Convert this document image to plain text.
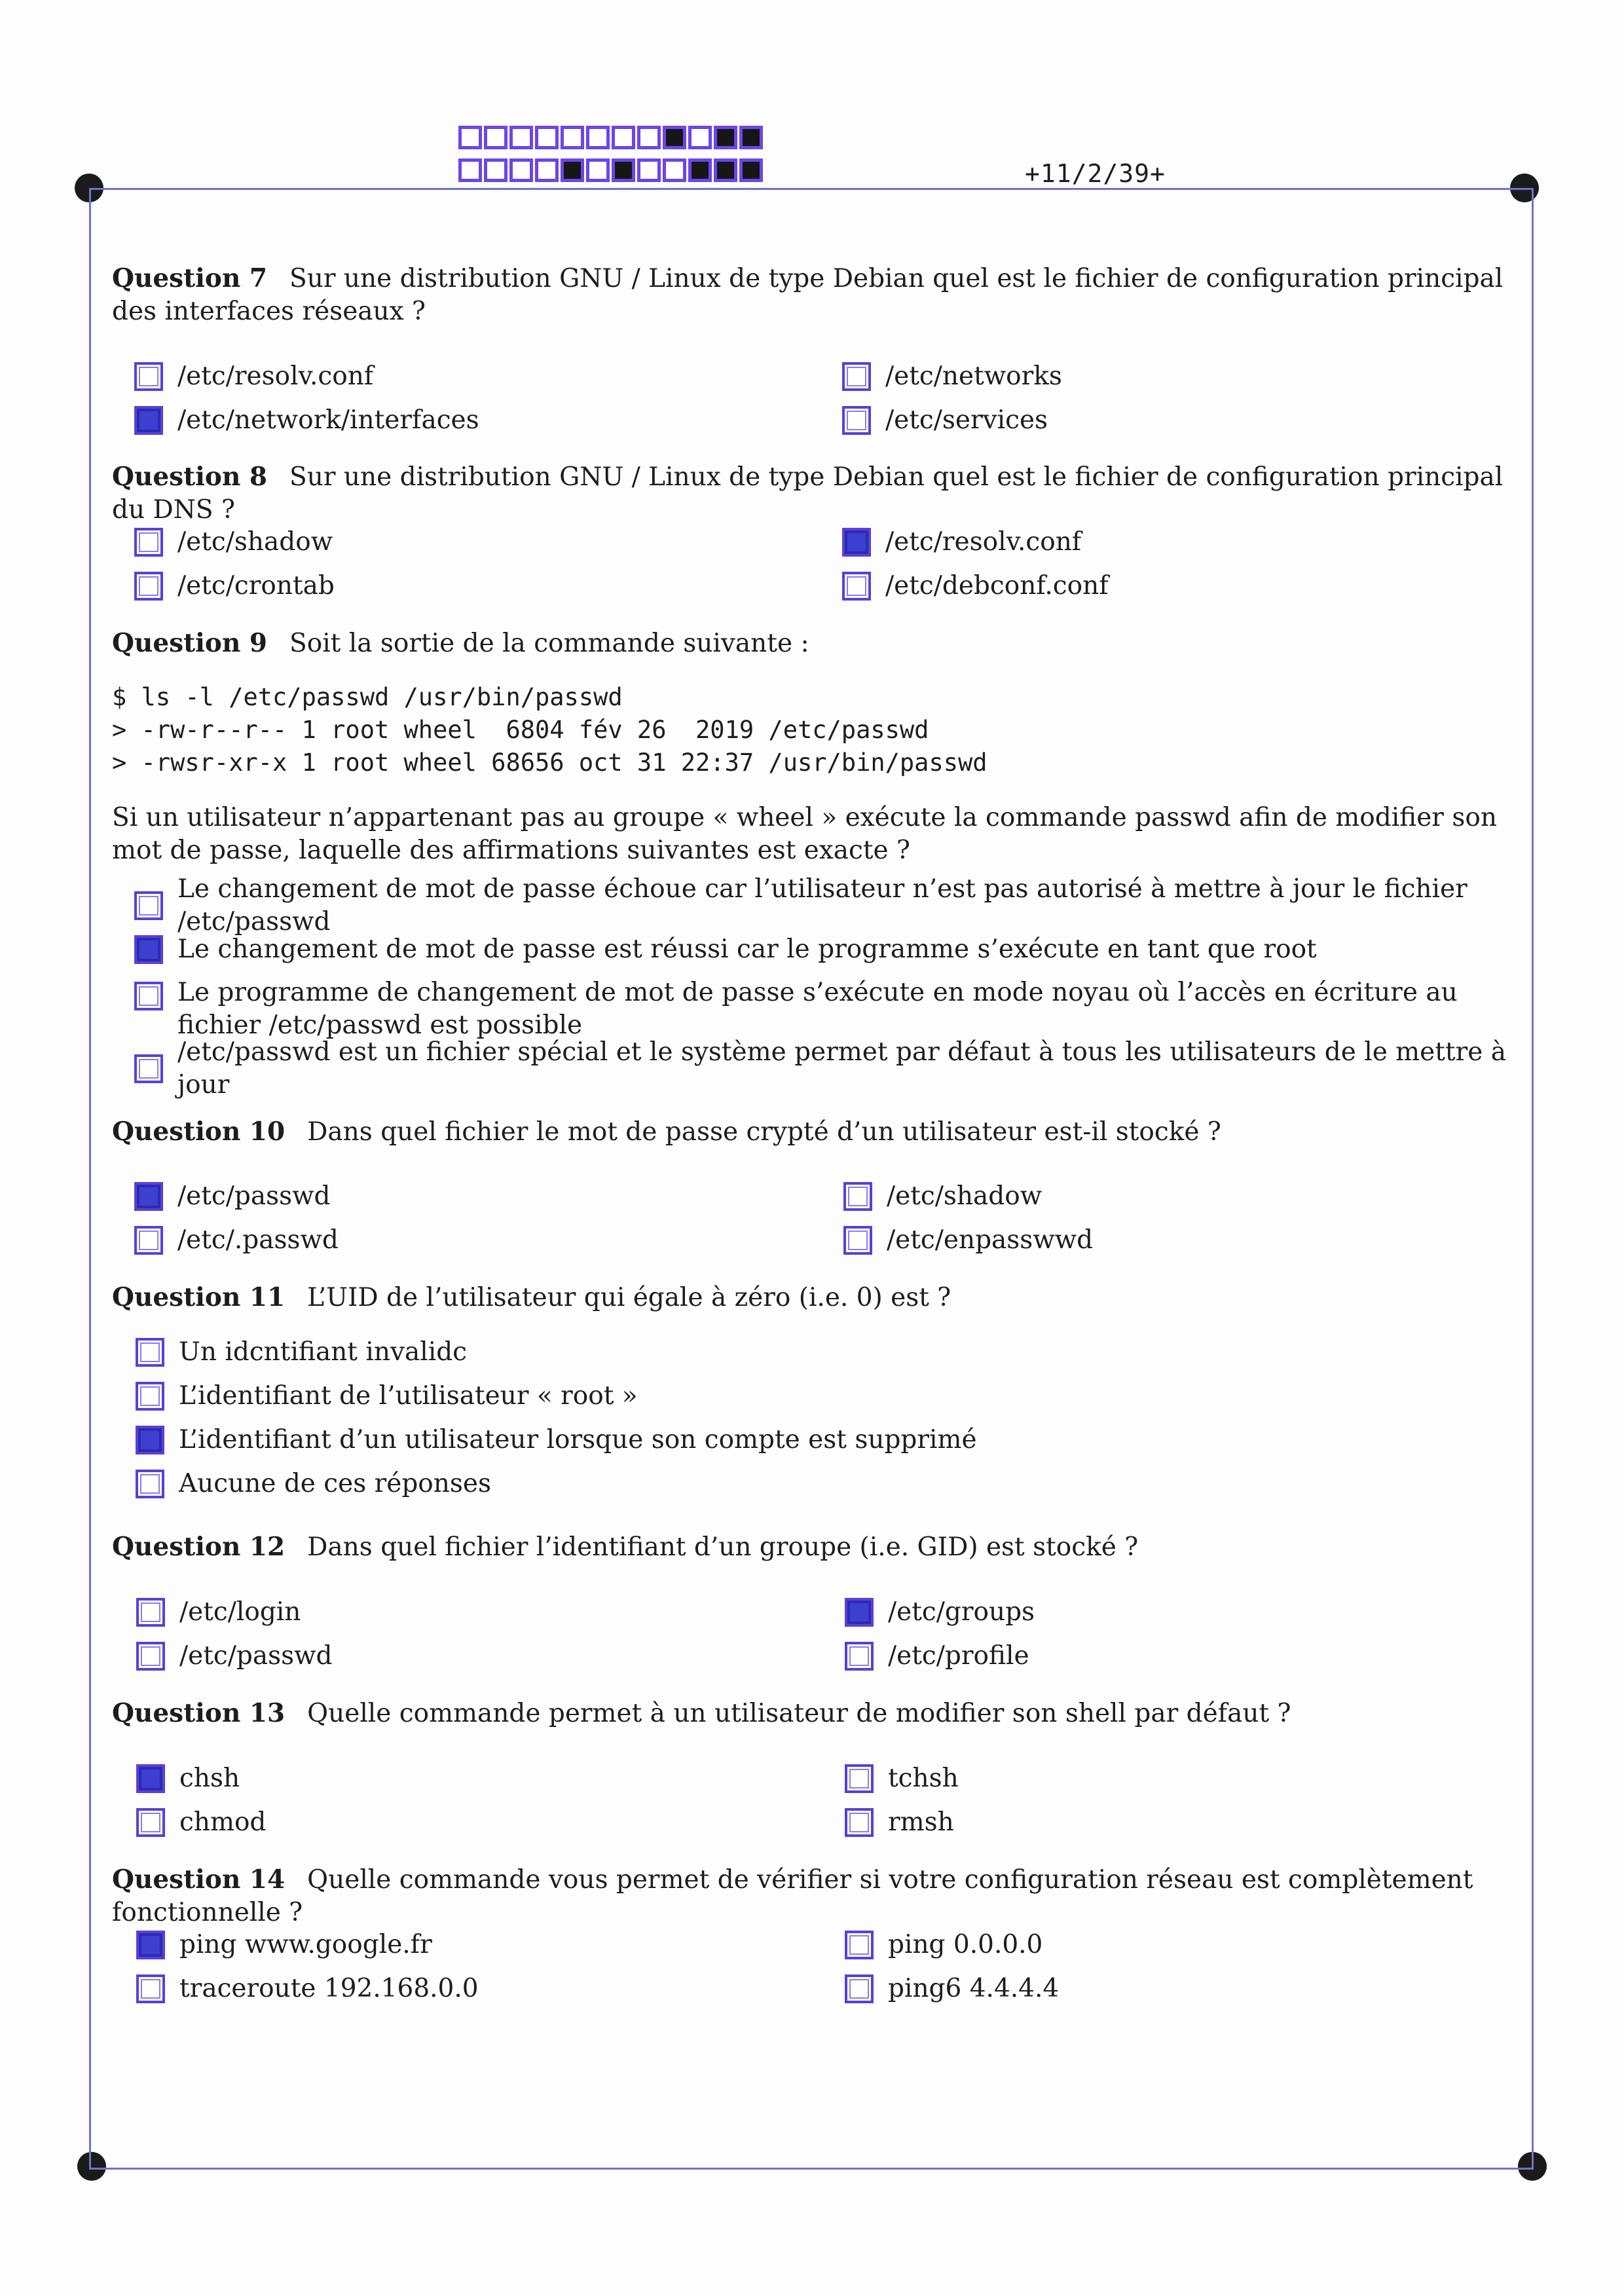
+11/2/39+
Question 7 Sur une distribution GNU / Linux de type Debian quel est le fichier de configuration principal des interfaces réseaux ?
/etc/resolv.conf	/etc/networks
/etc/network/interfaces	/etc/services
Question 8 Sur une distribution GNU / Linux de type Debian quel est le fichier de configuration principal du DNS ?
/etc/shadow	/etc/resolv.conf
/etc/crontab	/etc/debconf.conf
Question 9 Soit la sortie de la commande suivante :
$ ls -l /etc/passwd /usr/bin/passwd
> -rw-r--r-- 1 root wheel  6804 fév 26  2019 /etc/passwd
> -rwsr-xr-x 1 root wheel 68656 oct 31 22:37 /usr/bin/passwd
Si un utilisateur n’appartenant pas au groupe « wheel » exécute la commande passwd afin de modifier son mot de passe, laquelle des affirmations suivantes est exacte ?
Le changement de mot de passe échoue car l’utilisateur n’est pas autorisé à mettre à jour le fichier /etc/passwd
Le changement de mot de passe est réussi car le programme s’exécute en tant que root
Le programme de changement de mot de passe s’exécute en mode noyau où l’accès en écriture au fichier /etc/passwd est possible
/etc/passwd est un fichier spécial et le système permet par défaut à tous les utilisateurs de le mettre à jour
Question 10 Dans quel fichier le mot de passe crypté d’un utilisateur est-il stocké ?
/etc/passwd	/etc/shadow
/etc/.passwd	/etc/enpasswwd
Question 11 L’UID de l’utilisateur qui égale à zéro (i.e. 0) est ?
Un idcntifiant invalidc
L’identifiant de l’utilisateur « root »
L’identifiant d’un utilisateur lorsque son compte est supprimé
Aucune de ces réponses
Question 12 Dans quel fichier l’identifiant d’un groupe (i.e. GID) est stocké ?
/etc/login	/etc/groups
/etc/passwd	/etc/profile
Question 13 Quelle commande permet à un utilisateur de modifier son shell par défaut ?
chsh	tchsh
chmod	rmsh
Question 14 Quelle commande vous permet de vérifier si votre configuration réseau est complètement fonctionnelle ?
ping www.google.fr	ping 0.0.0.0
traceroute 192.168.0.0	ping6 4.4.4.4
